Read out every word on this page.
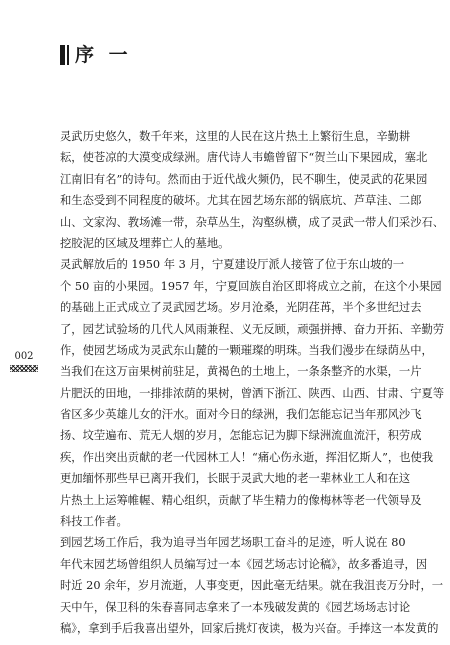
序 一
002
灵武历史悠久，数千年来，这里的人民在这片热土上繁衍生息，辛勤耕
耘，使苍凉的大漠变成绿洲。唐代诗人韦蟾曾留下“贺兰山下果园成，塞北
江南旧有名”的诗句。然而由于近代战火频仍，民不聊生，使灵武的花果园
和生态受到不同程度的破坏。尤其在园艺场东部的锅底坑、芦草洼、二郎
山、文家沟、教场滩一带，杂草丛生，沟壑纵横，成了灵武一带人们采沙石、
挖胶泥的区域及埋葬亡人的墓地。
灵武解放后的 1950 年 3 月，宁夏建设厅派人接管了位于东山坡的一
个 50 亩的小果园。1957 年，宁夏回族自治区即将成立之前，在这个小果园
的基础上正式成立了灵武园艺场。岁月沧桑，光阴荏苒，半个多世纪过去
了，园艺试验场的几代人风雨兼程、义无反顾，顽强拼搏、奋力开拓、辛勤劳
作，使园艺场成为灵武东山麓的一颗璀璨的明珠。当我们漫步在绿荫丛中，
当我们在这万亩果树前驻足，黄褐色的土地上，一条条整齐的水渠，一片
片肥沃的田地，一排排浓荫的果树，曾洒下浙江、陕西、山西、甘肃、宁夏等
省区多少英雄儿女的汗水。面对今日的绿洲，我们怎能忘记当年那风沙飞
扬、坟茔遍布、荒无人烟的岁月，怎能忘记为脚下绿洲流血流汗，积劳成
疾，作出突出贡献的老一代园林工人！“痛心伤永逝，挥泪忆斯人”，也使我
更加缅怀那些早已离开我们，长眠于灵武大地的老一辈林业工人和在这
片热土上运筹帷幄、精心组织，贡献了毕生精力的像梅林等老一代领导及
科技工作者。
到园艺场工作后，我为追寻当年园艺场职工奋斗的足迹，听人说在 80
年代末园艺场曾组织人员编写过一本《园艺场志讨论稿》，故多番追寻，因
时近 20 余年，岁月流逝，人事变更，因此毫无结果。就在我沮丧万分时，一
天中午，保卫科的朱春喜同志拿来了一本残破发黄的《园艺场场志讨论
稿》，拿到手后我喜出望外，回家后挑灯夜读，极为兴奋。手捧这一本发黄的
